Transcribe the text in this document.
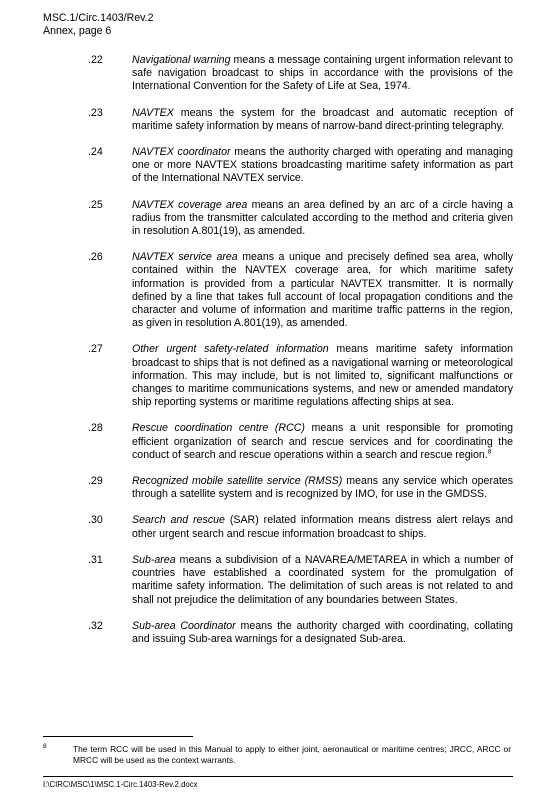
MSC.1/Circ.1403/Rev.2
Annex, page 6
.22	Navigational warning means a message containing urgent information relevant to safe navigation broadcast to ships in accordance with the provisions of the International Convention for the Safety of Life at Sea, 1974.
.23	NAVTEX means the system for the broadcast and automatic reception of maritime safety information by means of narrow-band direct-printing telegraphy.
.24	NAVTEX coordinator means the authority charged with operating and managing one or more NAVTEX stations broadcasting maritime safety information as part of the International NAVTEX service.
.25	NAVTEX coverage area means an area defined by an arc of a circle having a radius from the transmitter calculated according to the method and criteria given in resolution A.801(19), as amended.
.26	NAVTEX service area means a unique and precisely defined sea area, wholly contained within the NAVTEX coverage area, for which maritime safety information is provided from a particular NAVTEX transmitter. It is normally defined by a line that takes full account of local propagation conditions and the character and volume of information and maritime traffic patterns in the region, as given in resolution A.801(19), as amended.
.27	Other urgent safety-related information means maritime safety information broadcast to ships that is not defined as a navigational warning or meteorological information. This may include, but is not limited to, significant malfunctions or changes to maritime communications systems, and new or amended mandatory ship reporting systems or maritime regulations affecting ships at sea.
.28	Rescue coordination centre (RCC) means a unit responsible for promoting efficient organization of search and rescue services and for coordinating the conduct of search and rescue operations within a search and rescue region.$^8$
.29	Recognized mobile satellite service (RMSS) means any service which operates through a satellite system and is recognized by IMO, for use in the GMDSS.
.30	Search and rescue (SAR) related information means distress alert relays and other urgent search and rescue information broadcast to ships.
.31	Sub-area means a subdivision of a NAVAREA/METAREA in which a number of countries have established a coordinated system for the promulgation of maritime safety information. The delimitation of such areas is not related to and shall not prejudice the delimitation of any boundaries between States.
.32	Sub-area Coordinator means the authority charged with coordinating, collating and issuing Sub-area warnings for a designated Sub-area.
8	The term RCC will be used in this Manual to apply to either joint, aeronautical or maritime centres; JRCC, ARCC or MRCC will be used as the context warrants.
I:\CIRC\MSC\1\MSC.1-Circ.1403-Rev.2.docx
